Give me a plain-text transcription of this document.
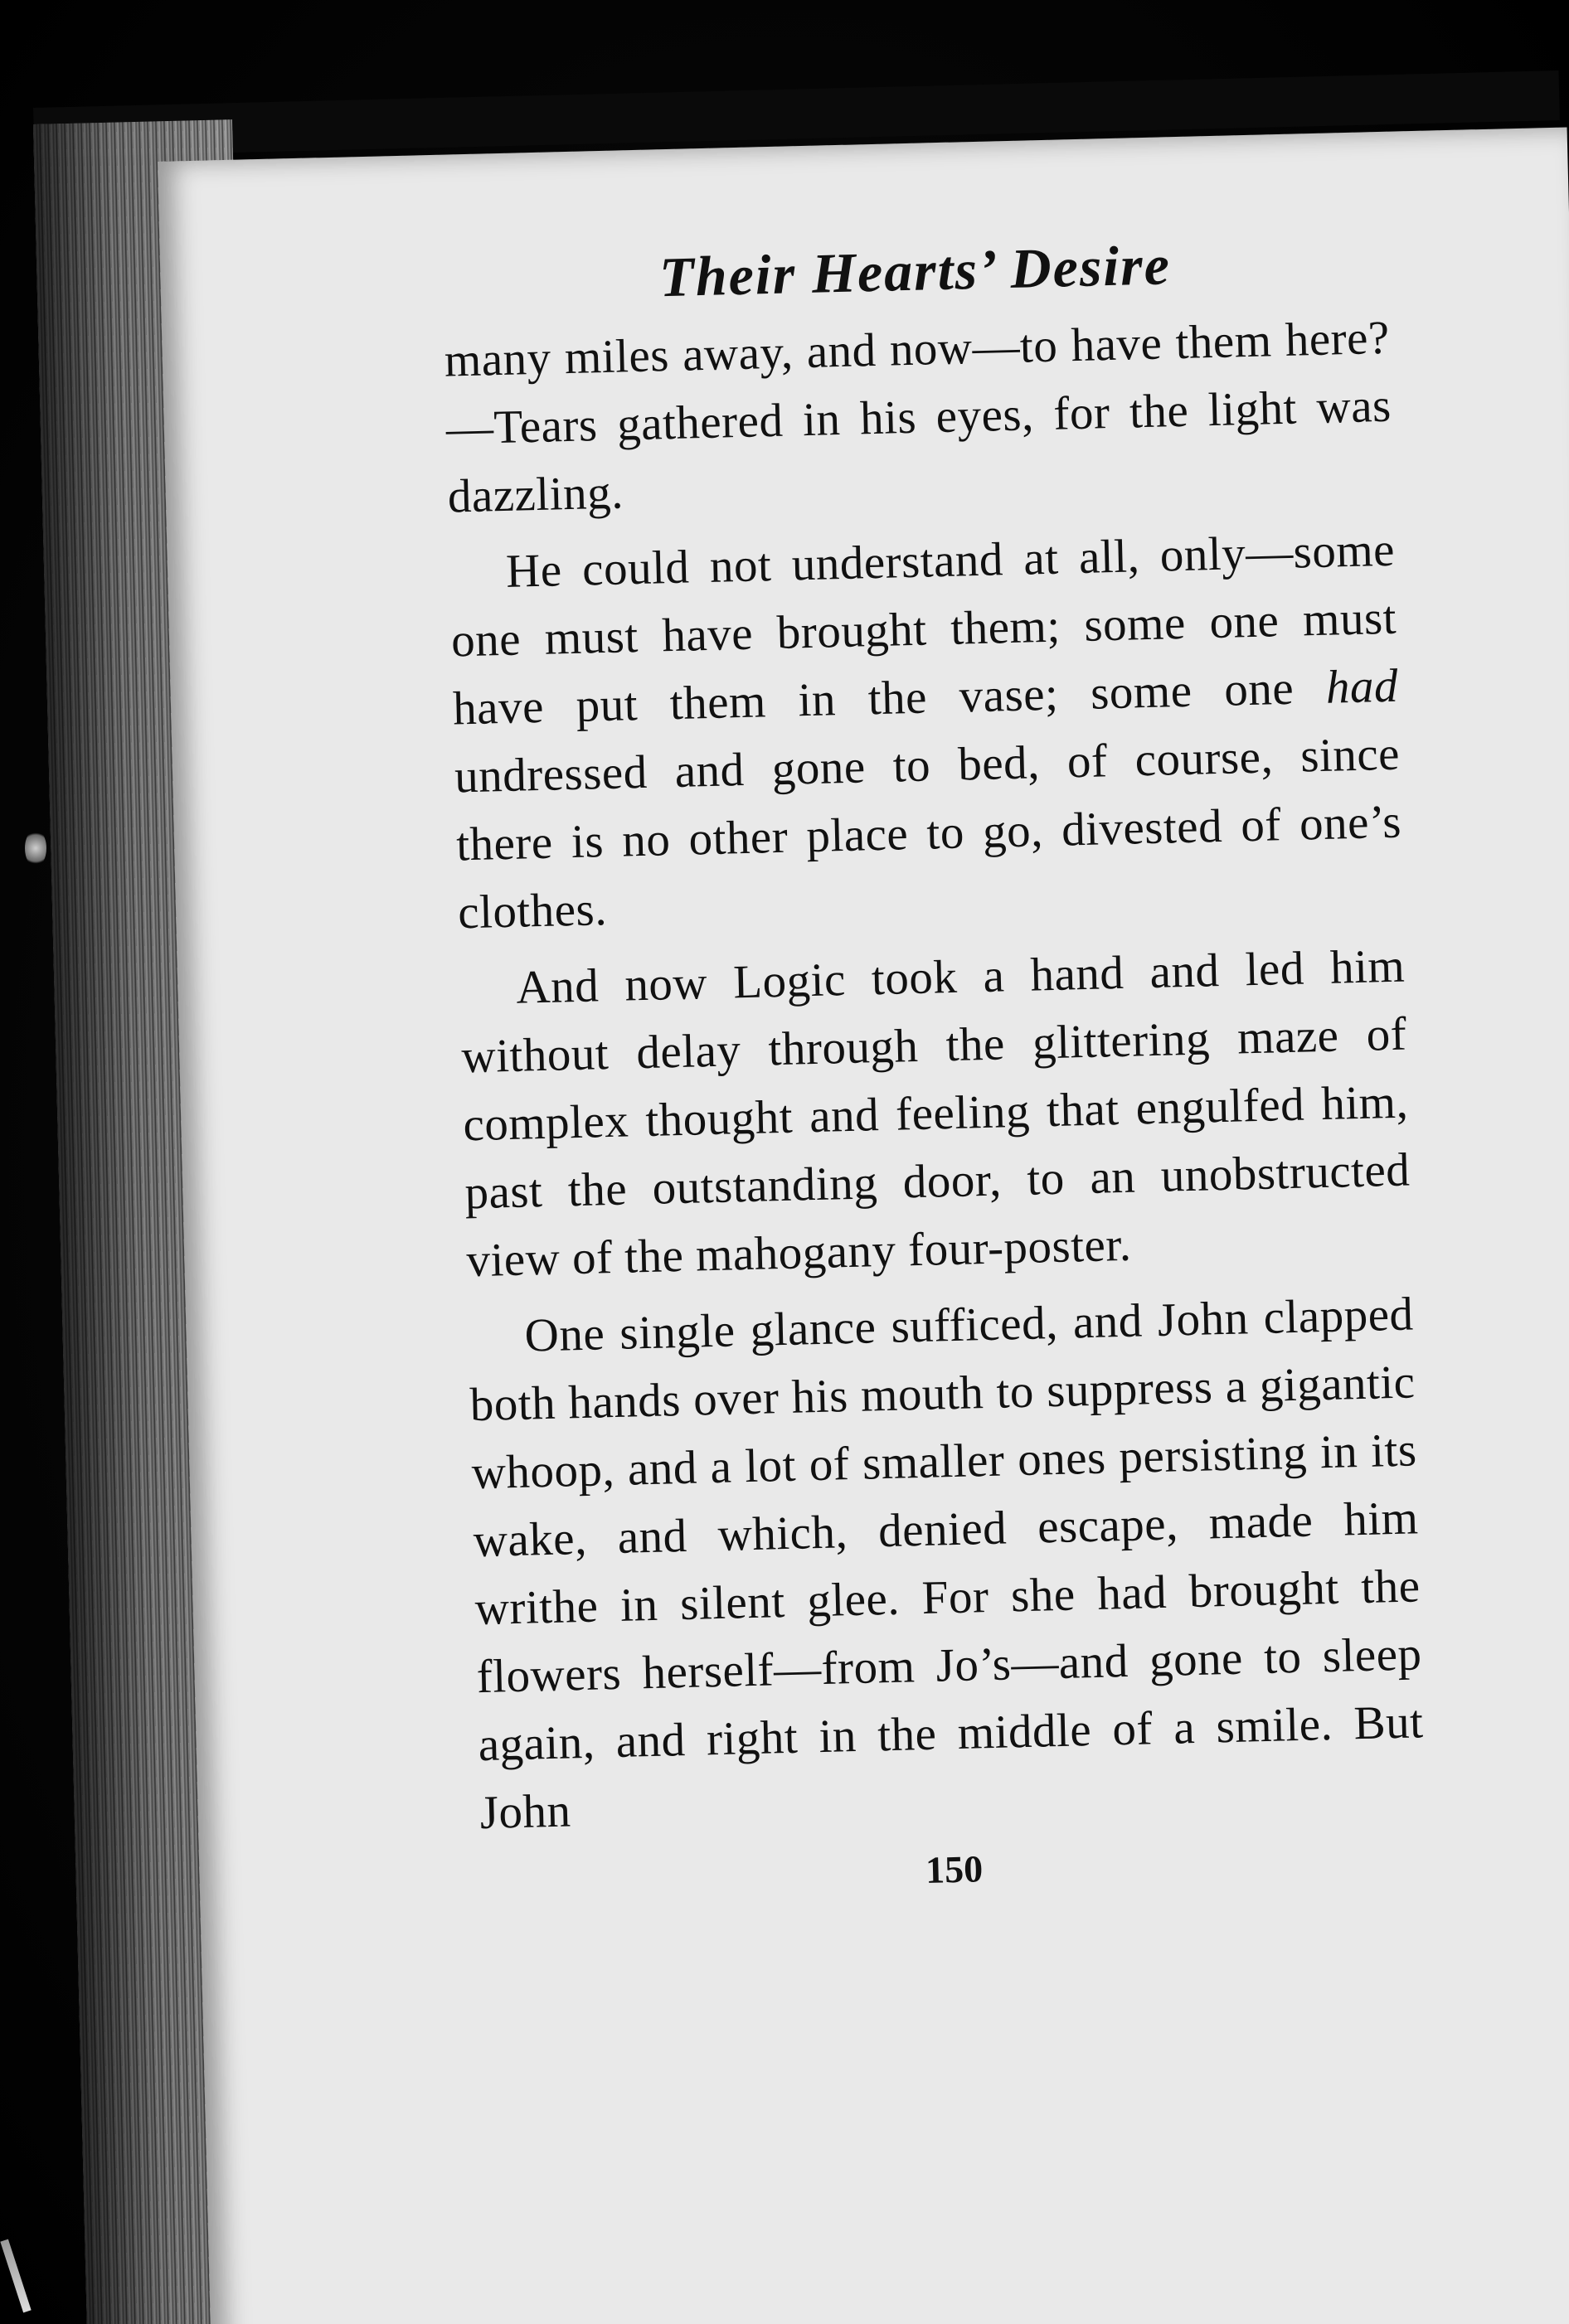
Their Hearts’ Desire

many miles away, and now—to have them here?—Tears gathered in his eyes, for the light was dazzling.

He could not understand at all, only—some one must have brought them; some one must have put them in the vase; some one had undressed and gone to bed, of course, since there is no other place to go, divested of one’s clothes.

And now Logic took a hand and led him without delay through the glittering maze of complex thought and feeling that engulfed him, past the outstanding door, to an unobstructed view of the mahogany four-poster.

One single glance sufficed, and John clapped both hands over his mouth to suppress a gigantic whoop, and a lot of smaller ones persisting in its wake, and which, denied escape, made him writhe in silent glee. For she had brought the flowers herself—from Jo’s—and gone to sleep again, and right in the middle of a smile. But John

150
